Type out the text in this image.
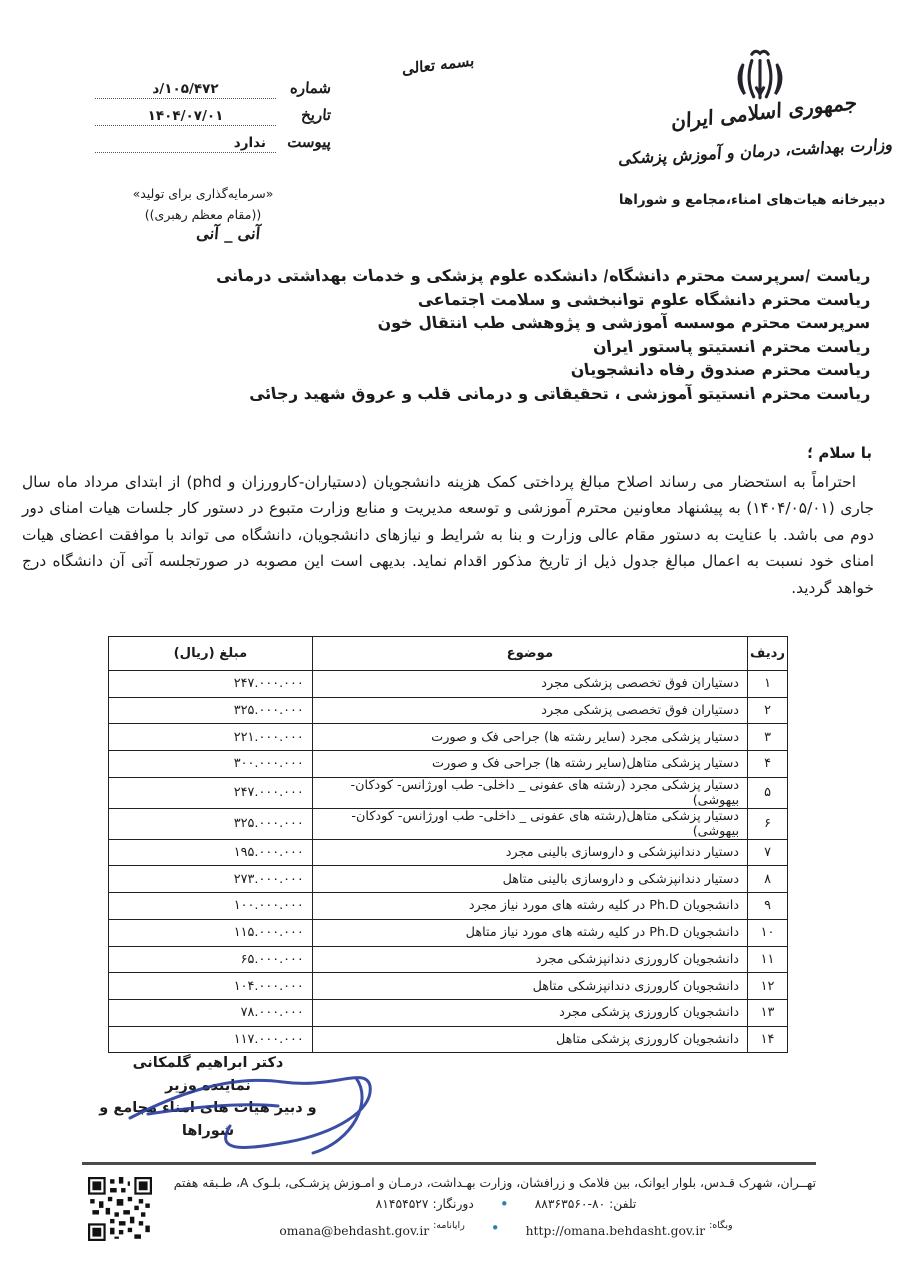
بسمه تعالی
جمهوری اسلامی ایران
وزارت بهداشت، درمان و آموزش پزشکی
دبیرخانه هیات‌های امناء،مجامع و شوراها
شماره
د/۱۰۵/۴۷۲
تاریخ
۱۴۰۴/۰۷/۰۱
پیوست
ندارد
«سرمایه‌گذاری برای تولید»
((مقام معظم رهبری))
آنی _ آنی
ریاست /سرپرست محترم دانشگاه/ دانشکده علوم پزشکی و خدمات بهداشتی درمانی
ریاست محترم دانشگاه علوم توانبخشی و سلامت اجتماعی
سرپرست محترم موسسه آموزشی و پژوهشی طب انتقال خون
ریاست محترم انستیتو پاستور ایران
ریاست محترم صندوق رفاه دانشجویان
ریاست محترم انستیتو آموزشی ، تحقیقاتی و درمانی قلب و عروق شهید رجائی
با سلام ؛
احتراماً به استحضار می رساند اصلاح مبالغ پرداختی کمک هزینه دانشجویان (دستیاران-کارورزان و phd) از ابتدای مرداد ماه سال جاری (۱۴۰۴/۰۵/۰۱) به پیشنهاد معاونین محترم آموزشی و توسعه مدیریت و منابع وزارت متبوع در دستور کار جلسات هیات امنای دور دوم می باشد. با عنایت به دستور مقام عالی وزارت و بنا به شرایط و نیازهای دانشجویان، دانشگاه می تواند با موافقت اعضای هیات امنای خود نسبت به اعمال مبالغ جدول ذیل از تاریخ مذکور اقدام نماید. بدیهی است این مصوبه در صورتجلسه آتی آن دانشگاه درج خواهد گردید.
ردیف	موضوع	مبلغ (ریال)
۱	دستیاران فوق تخصصی پزشکی مجرد	۲۴۷.۰۰۰.۰۰۰
۲	دستیاران فوق تخصصی پزشکی مجرد	۳۲۵.۰۰۰.۰۰۰
۳	دستیار پزشکی مجرد (سایر رشته ها) جراحی فک و صورت	۲۲۱.۰۰۰.۰۰۰
۴	دستیار پزشکی متاهل(سایر رشته ها) جراحی فک و صورت	۳۰۰.۰۰۰.۰۰۰
۵	دستیار پزشکی مجرد (رشته های عفونی _ داخلی- طب اورژانس- کودکان- بیهوشی)	۲۴۷.۰۰۰.۰۰۰
۶	دستیار پزشکی متاهل(رشته های عفونی _ داخلی- طب اورژانس- کودکان- بیهوشی)	۳۲۵.۰۰۰.۰۰۰
۷	دستیار دندانپزشکی و داروسازی بالینی مجرد	۱۹۵.۰۰۰.۰۰۰
۸	دستیار دندانپزشکی و داروسازی بالینی متاهل	۲۷۳.۰۰۰.۰۰۰
۹	دانشجویان Ph.D در کلیه رشته های مورد نیاز مجرد	۱۰۰.۰۰۰.۰۰۰
۱۰	دانشجویان Ph.D در کلیه رشته های مورد نیاز متاهل	۱۱۵.۰۰۰.۰۰۰
۱۱	دانشجویان کارورزی دندانپزشکی مجرد	۶۵.۰۰۰.۰۰۰
۱۲	دانشجویان کارورزی دندانپزشکی متاهل	۱۰۴.۰۰۰.۰۰۰
۱۳	دانشجویان کارورزی پزشکی مجرد	۷۸.۰۰۰.۰۰۰
۱۴	دانشجویان کارورزی پزشکی متاهل	۱۱۷.۰۰۰.۰۰۰
دکتر ابراهیم گلمکانی
نماینده وزیر
و دبیر هیات های امناء مجامع و شوراها
تهــران، شهرک قـدس، بلوار ایوانک، بین فلامک و زرافشان، وزارت بهـداشت، درمـان و امـوزش پزشـکی، بلـوک A، طـبقه هفتم
تلفن: ۸۰-۸۸۳۶۳۵۶۰
•
دورنگار: ۸۱۴۵۴۵۲۷
$^{وبگاه:}$ http://omana.behdasht.gov.ir
•
$^{رایانامه:}$ omana@behdasht.gov.ir
